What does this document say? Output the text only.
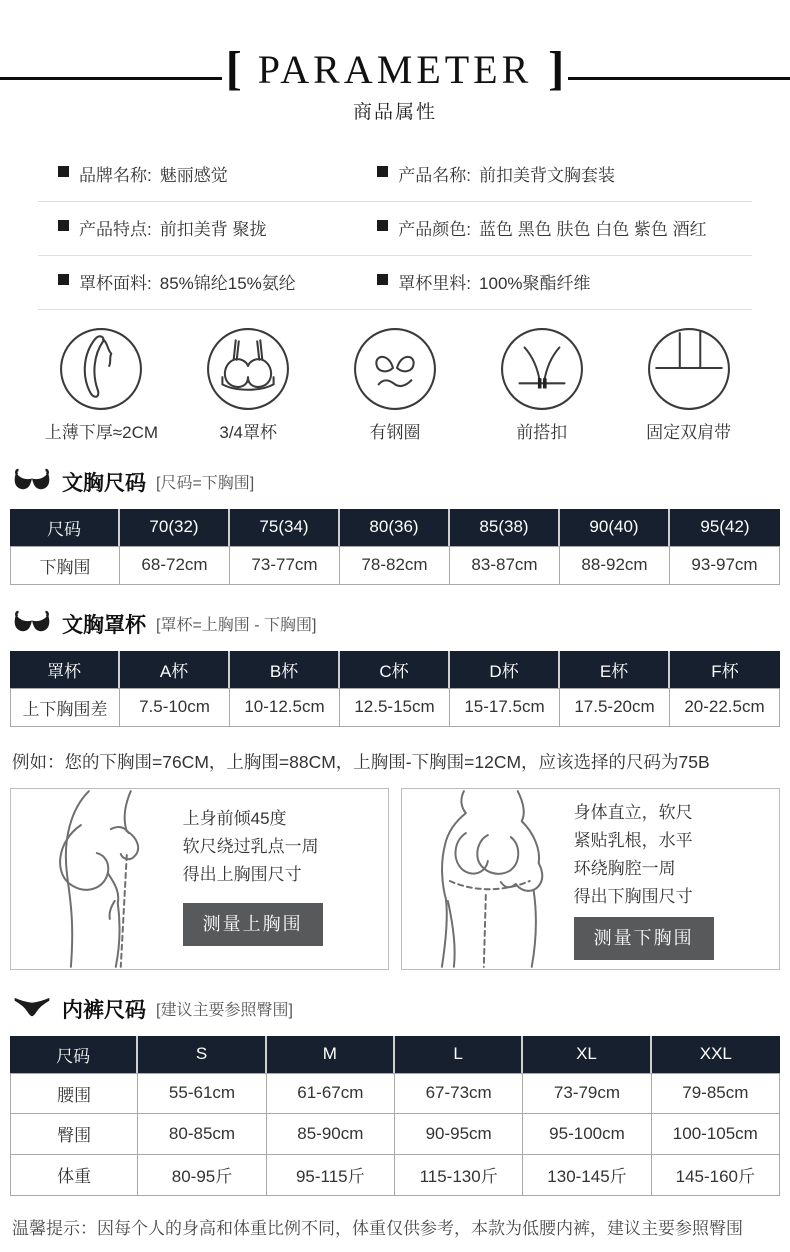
[ PARAMETER ]
商品属性
品牌名称: 魅丽感觉	产品名称: 前扣美背文胸套装
产品特点: 前扣美背 聚拢	产品颜色: 蓝色 黑色 肤色 白色 紫色 酒红
罩杯面料: 85%锦纶15%氨纶	罩杯里料: 100%聚酯纤维
上薄下厚≈2CM	3/4罩杯	有钢圈	前搭扣	固定双肩带
文胸尺码 [尺码=下胸围]
尺码	70(32)	75(34)	80(36)	85(38)	90(40)	95(42)
下胸围	68-72cm	73-77cm	78-82cm	83-87cm	88-92cm	93-97cm
文胸罩杯 [罩杯=上胸围 - 下胸围]
罩杯	A杯	B杯	C杯	D杯	E杯	F杯
上下胸围差	7.5-10cm	10-12.5cm	12.5-15cm	15-17.5cm	17.5-20cm	20-22.5cm
例如：您的下胸围=76CM，上胸围=88CM，上胸围-下胸围=12CM，应该选择的尺码为75B
上身前倾45度
软尺绕过乳点一周
得出上胸围尺寸
测量上胸围
身体直立，软尺
紧贴乳根，水平
环绕胸腔一周
得出下胸围尺寸
测量下胸围
内裤尺码 [建议主要参照臀围]
尺码	S	M	L	XL	XXL
腰围	55-61cm	61-67cm	67-73cm	73-79cm	79-85cm
臀围	80-85cm	85-90cm	90-95cm	95-100cm	100-105cm
体重	80-95斤	95-115斤	115-130斤	130-145斤	145-160斤
温馨提示：因每个人的身高和体重比例不同，体重仅供参考，本款为低腰内裤，建议主要参照臀围
